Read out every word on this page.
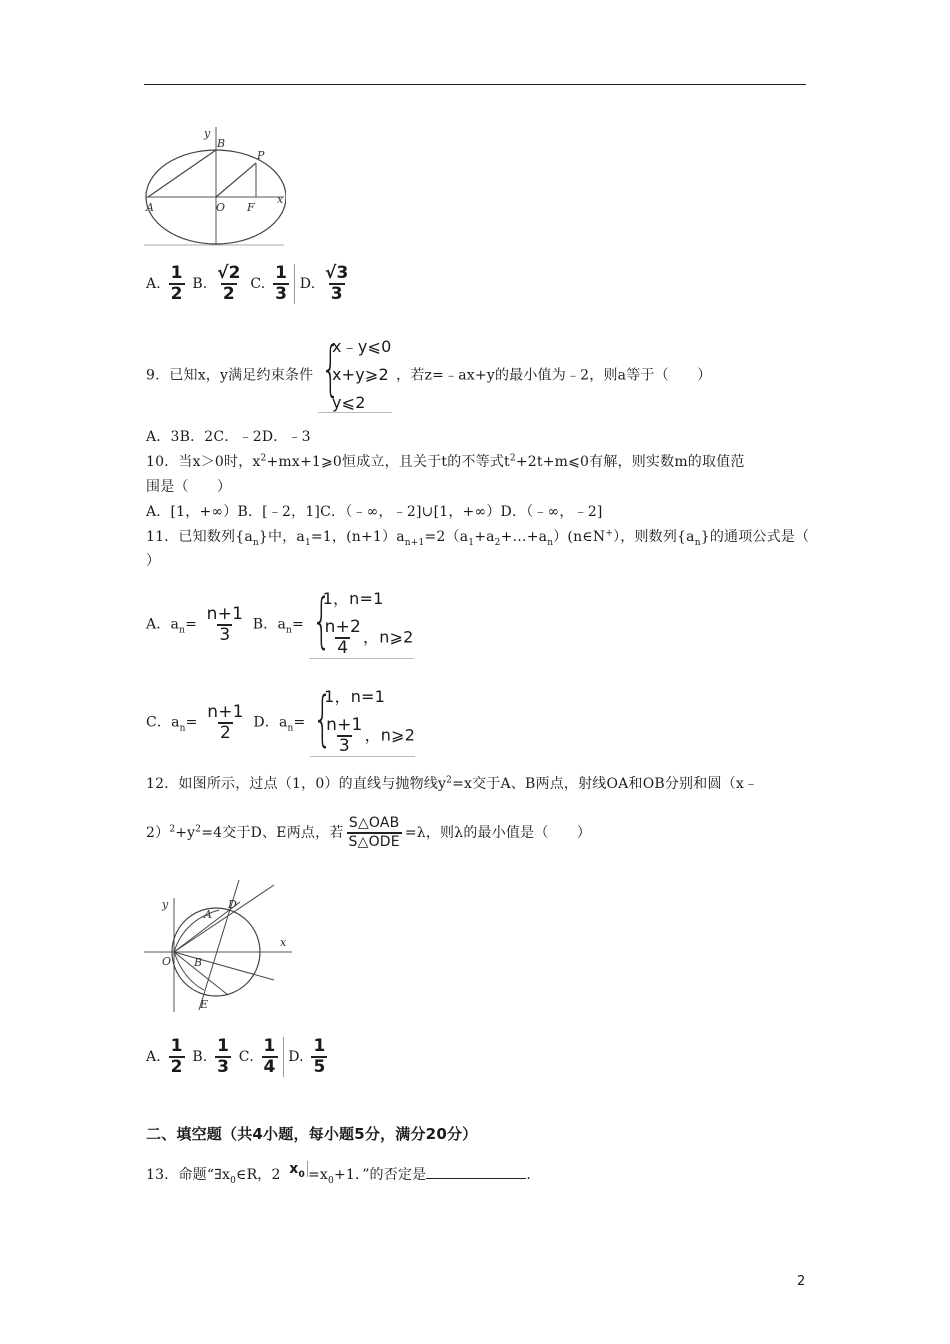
y
B
P
A	O F
x
A. $\frac{1}{2} B$. $\frac{√2}{2} C$. $\frac{1}{3} D$. $\frac{√3}{3}$
9．已知x，y满足约束条件 {
x﹣y⩽0
x+y⩾2
y⩽2
，若z=﹣ax+y的最小值为﹣2，则a等于（　　）
A．3B．2C．﹣2D．﹣3
10．当x＞0时，$x^2+mx+1⩾0$恒成立，且关于t的不等式$t^2+2t+m⩽0$有解，则实数m的取值范
围是（　　）
A．[1，+∞）B．[﹣2，1]C．（﹣∞，﹣2]∪[1，+∞）D．（﹣∞，﹣2]
11．已知数列$\{a_n\}$中，$a_1=1$，$(n+1)a_{n+1}=2(a_1+a_2+\dots+a_n)(n\in N^+)$，则数列$\{a_n\}$的通项公式是（
）
A．$a_n= \frac{n+1}{3}$ B．$a_n=$ {
1，n=1
$\frac{n+2}{4}$ ，n⩾2
C．$a_n= \frac{n+1}{2}$ D．$a_n=$ {
1，n=1
$\frac{n+1}{3}$ ，n⩾2
12．如图所示，过点（1，0）的直线与抛物线$y^2=x$交于A、B两点，射线OA和OB分别和圆（x﹣
$2)^2+y^2=4$交于D、E两点，若 $\frac{\text{S△OAB}}{\text{S△ODE}} =\lambda$，则λ的最小值是（　　）
y
A
D
O B
E
x
A. $\frac{1}{2} B$. $\frac{1}{3} C$. $\frac{1}{4} D$. $\frac{1}{5}$
二、填空题（共4小题，每小题5分，满分20分）
13．命题“$\exists x_0\in R$，2 $x_0 =x_0+1$．”的否定是	．
2
